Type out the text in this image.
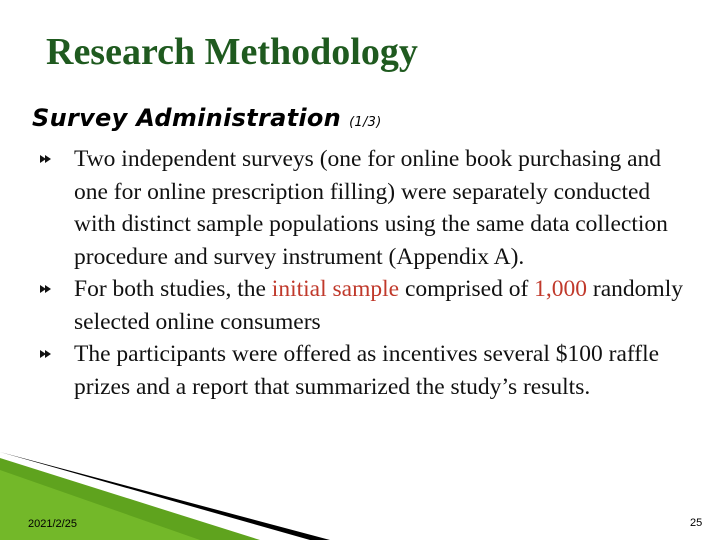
Research Methodology
Survey Administration (1/3)
Two independent surveys (one for online book purchasing and one for online prescription filling) were separately conducted with distinct sample populations using the same data collection procedure and survey instrument (Appendix A).
For both studies, the initial sample comprised of 1,000 randomly selected online consumers
The participants were offered as incentives several $100 raffle prizes and a report that summarized the study’s results.
2021/2/25	25
